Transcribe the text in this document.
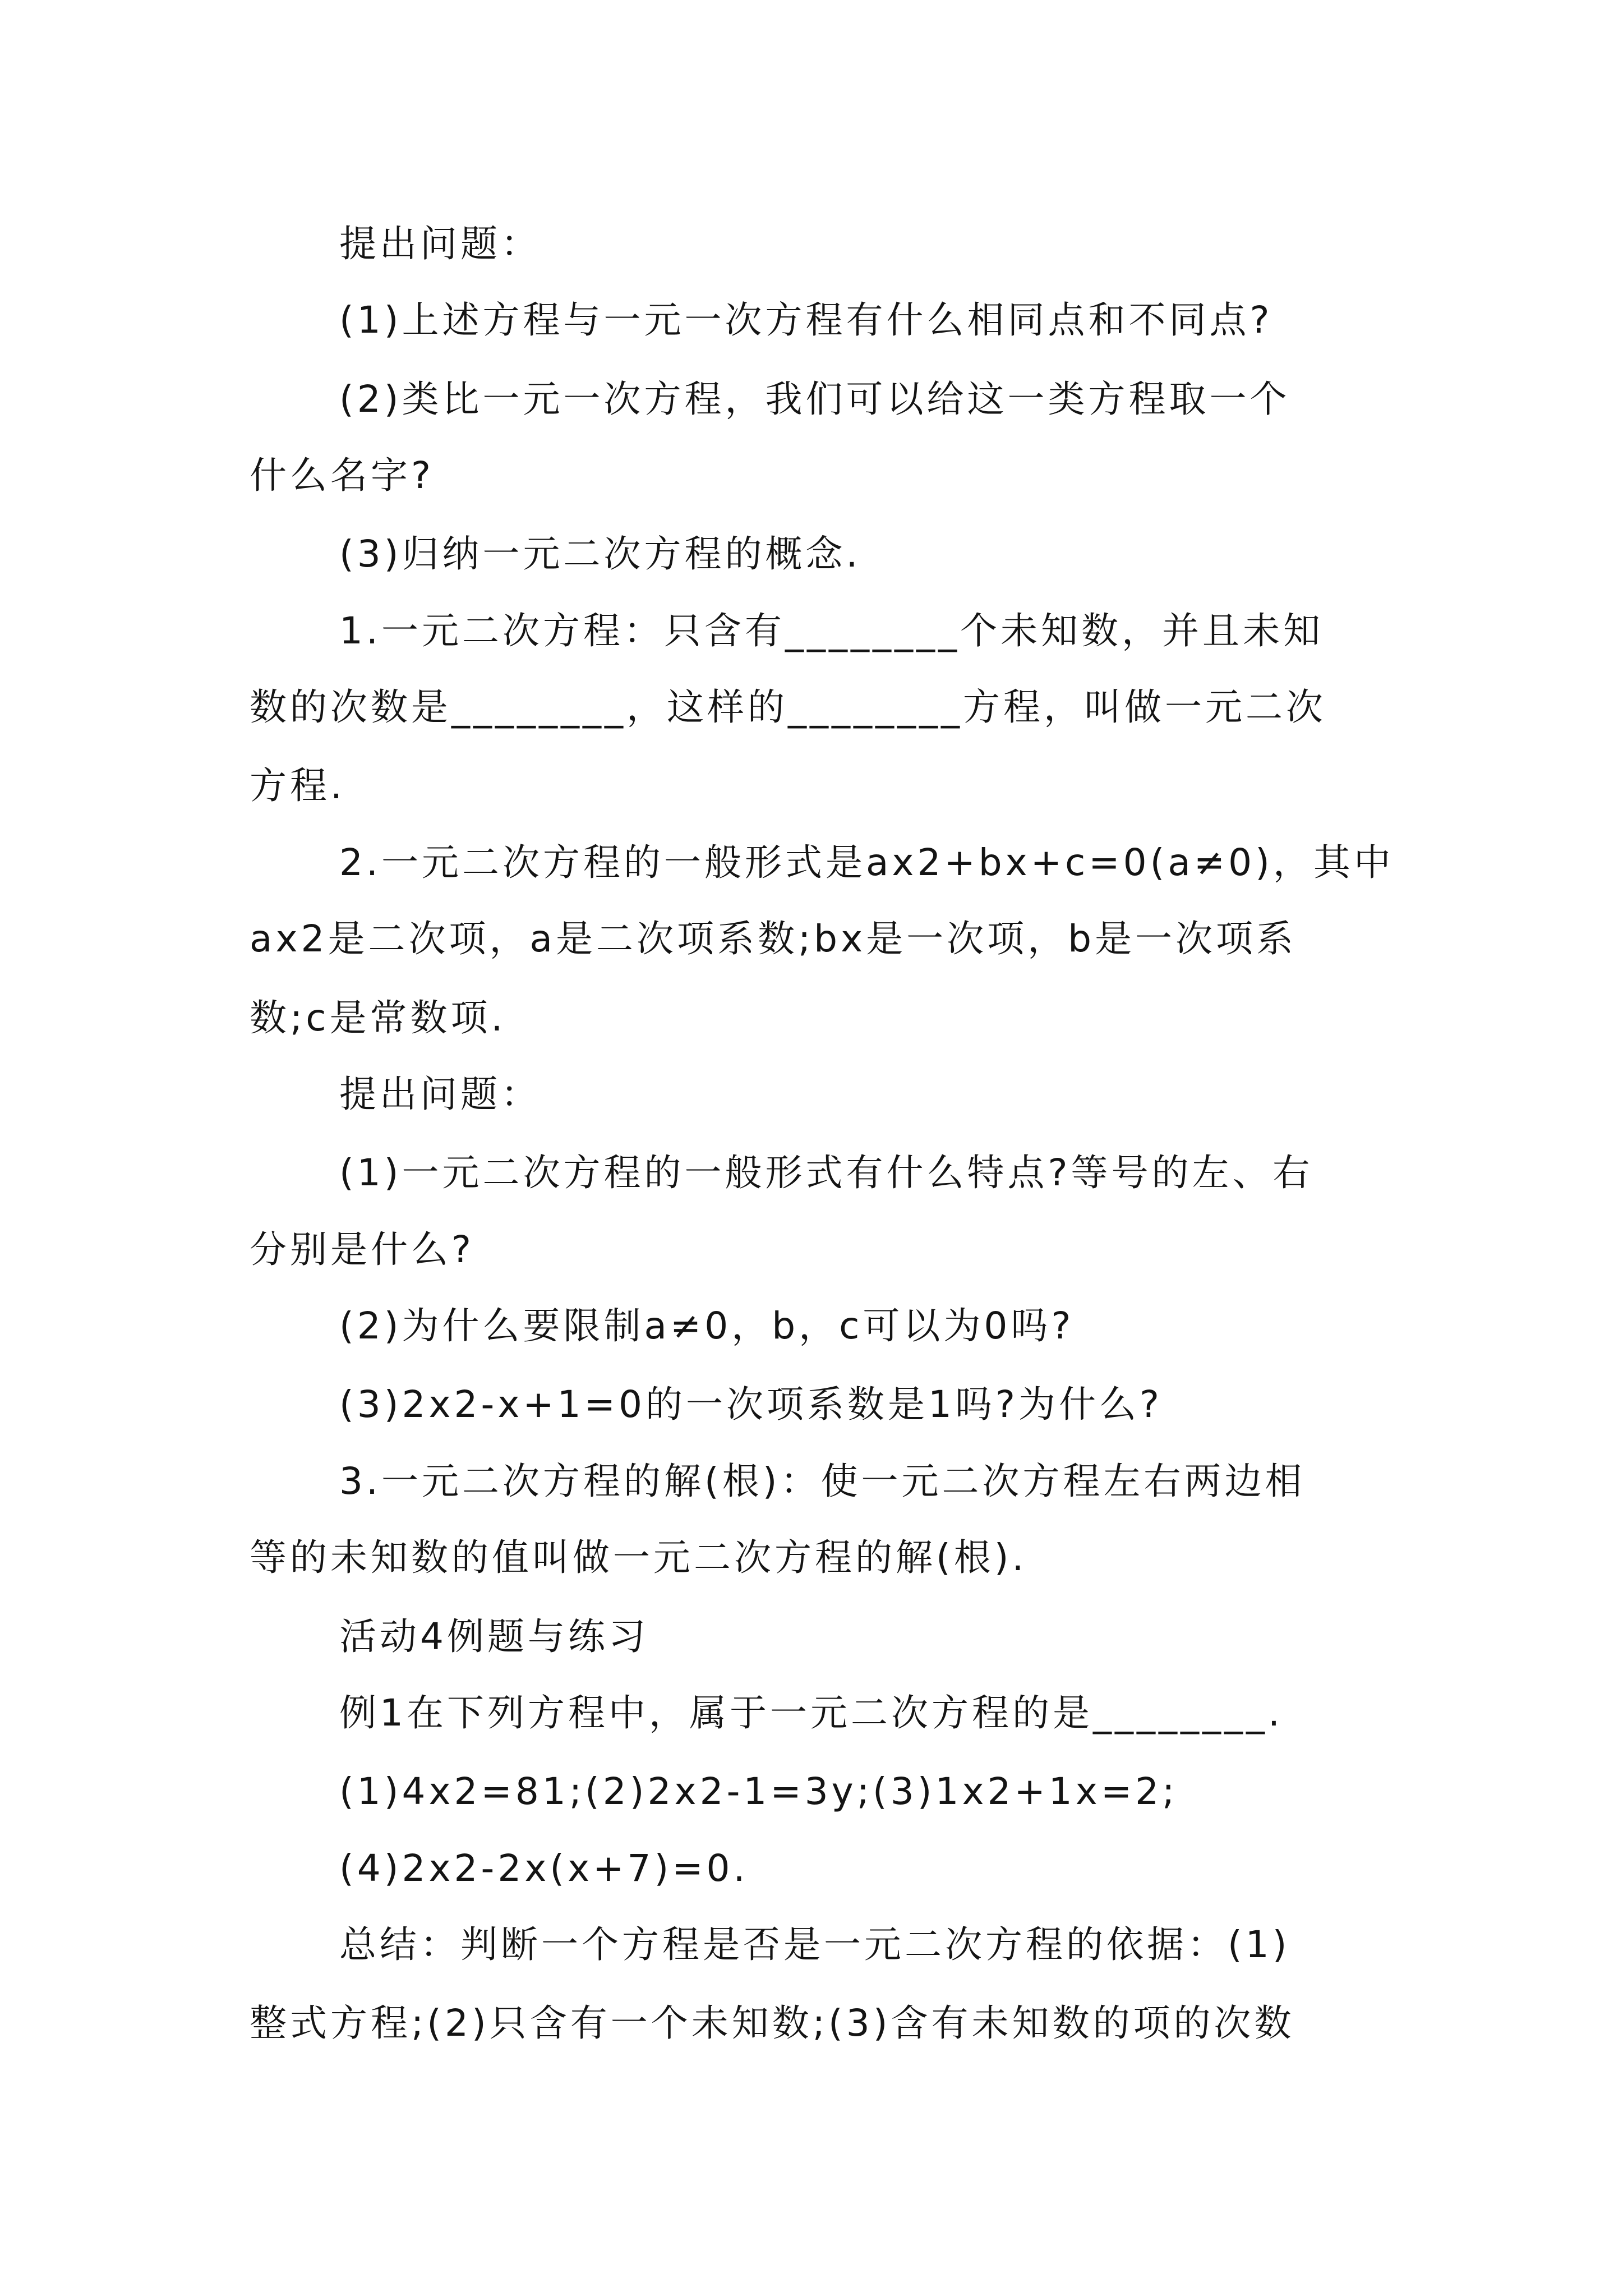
提出问题：
(1)上述方程与一元一次方程有什么相同点和不同点?
(2)类比一元一次方程，我们可以给这一类方程取一个
什么名字?
(3)归纳一元二次方程的概念.
1.一元二次方程：只含有________个未知数，并且未知
数的次数是________，这样的________方程，叫做一元二次
方程.
2.一元二次方程的一般形式是ax2+bx+c=0(a≠0)，其中
ax2是二次项，a是二次项系数;bx是一次项，b是一次项系
数;c是常数项.
提出问题：
(1)一元二次方程的一般形式有什么特点?等号的左、右
分别是什么?
(2)为什么要限制a≠0，b，c可以为0吗?
(3)2x2-x+1=0的一次项系数是1吗?为什么?
3.一元二次方程的解(根)：使一元二次方程左右两边相
等的未知数的值叫做一元二次方程的解(根).
活动4例题与练习
例1在下列方程中，属于一元二次方程的是________.
(1)4x2=81;(2)2x2-1=3y;(3)1x2+1x=2;
(4)2x2-2x(x+7)=0.
总结：判断一个方程是否是一元二次方程的依据：(1)
整式方程;(2)只含有一个未知数;(3)含有未知数的项的次数
